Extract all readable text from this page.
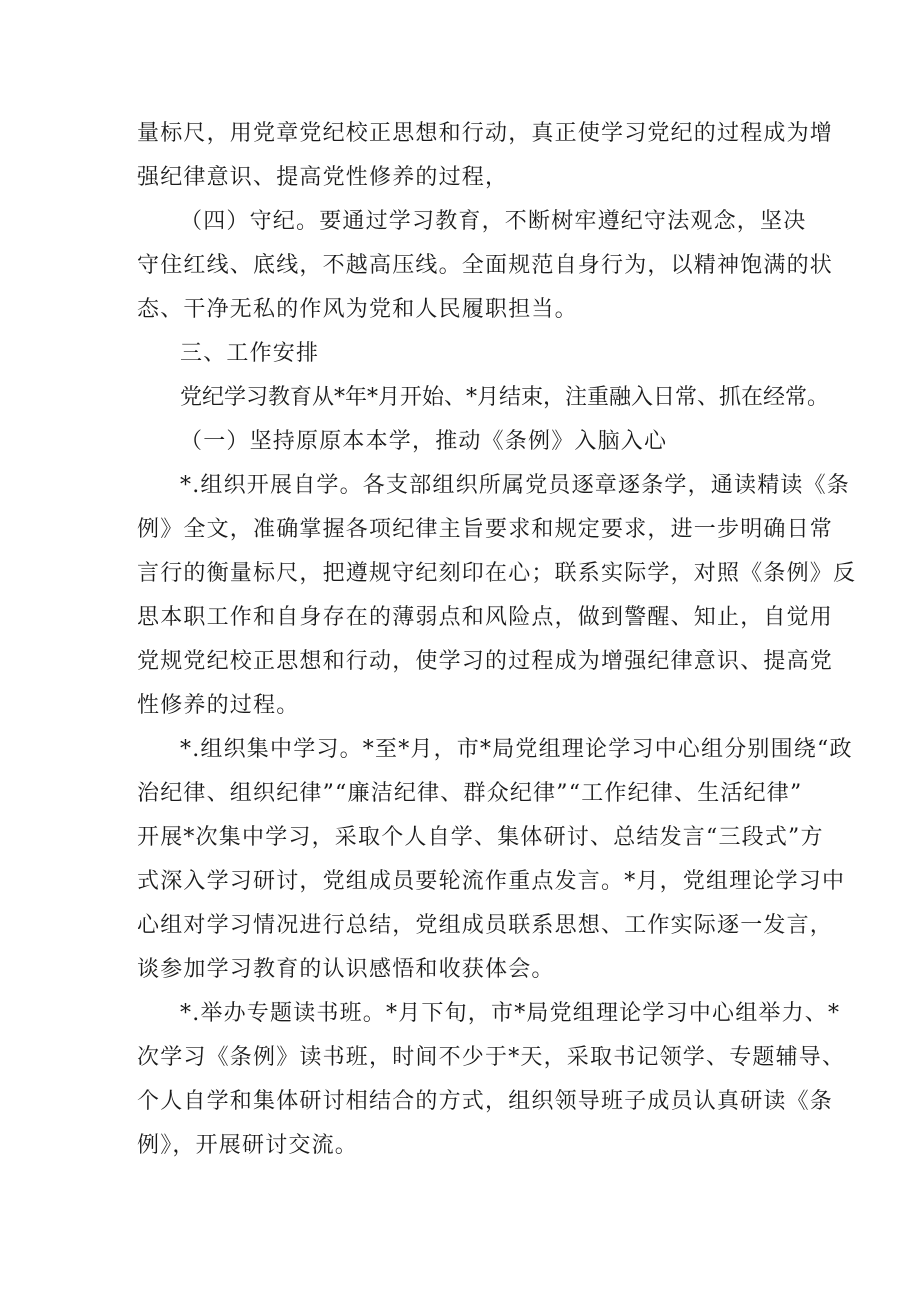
量标尺，用党章党纪校正思想和行动，真正使学习党纪的过程成为增
强纪律意识、提高党性修养的过程，
（四）守纪。要通过学习教育，不断树牢遵纪守法观念，坚决
守住红线、底线，不越高压线。全面规范自身行为，以精神饱满的状
态、干净无私的作风为党和人民履职担当。
三、工作安排
党纪学习教育从*年*月开始、*月结束，注重融入日常、抓在经常。
（一）坚持原原本本学，推动《条例》入脑入心
*.组织开展自学。各支部组织所属党员逐章逐条学，通读精读《条
例》全文，准确掌握各项纪律主旨要求和规定要求，进一步明确日常
言行的衡量标尺，把遵规守纪刻印在心；联系实际学，对照《条例》反
思本职工作和自身存在的薄弱点和风险点，做到警醒、知止，自觉用
党规党纪校正思想和行动，使学习的过程成为增强纪律意识、提高党
性修养的过程。
*.组织集中学习。*至*月，市*局党组理论学习中心组分别围绕“政
治纪律、组织纪律”“廉洁纪律、群众纪律”“工作纪律、生活纪律”
开展*次集中学习，采取个人自学、集体研讨、总结发言“三段式”方
式深入学习研讨，党组成员要轮流作重点发言。*月，党组理论学习中
心组对学习情况进行总结，党组成员联系思想、工作实际逐一发言，
谈参加学习教育的认识感悟和收获体会。
*.举办专题读书班。*月下旬，市*局党组理论学习中心组举力、*
次学习《条例》读书班，时间不少于*天，采取书记领学、专题辅导、
个人自学和集体研讨相结合的方式，组织领导班子成员认真研读《条
例》，开展研讨交流。
